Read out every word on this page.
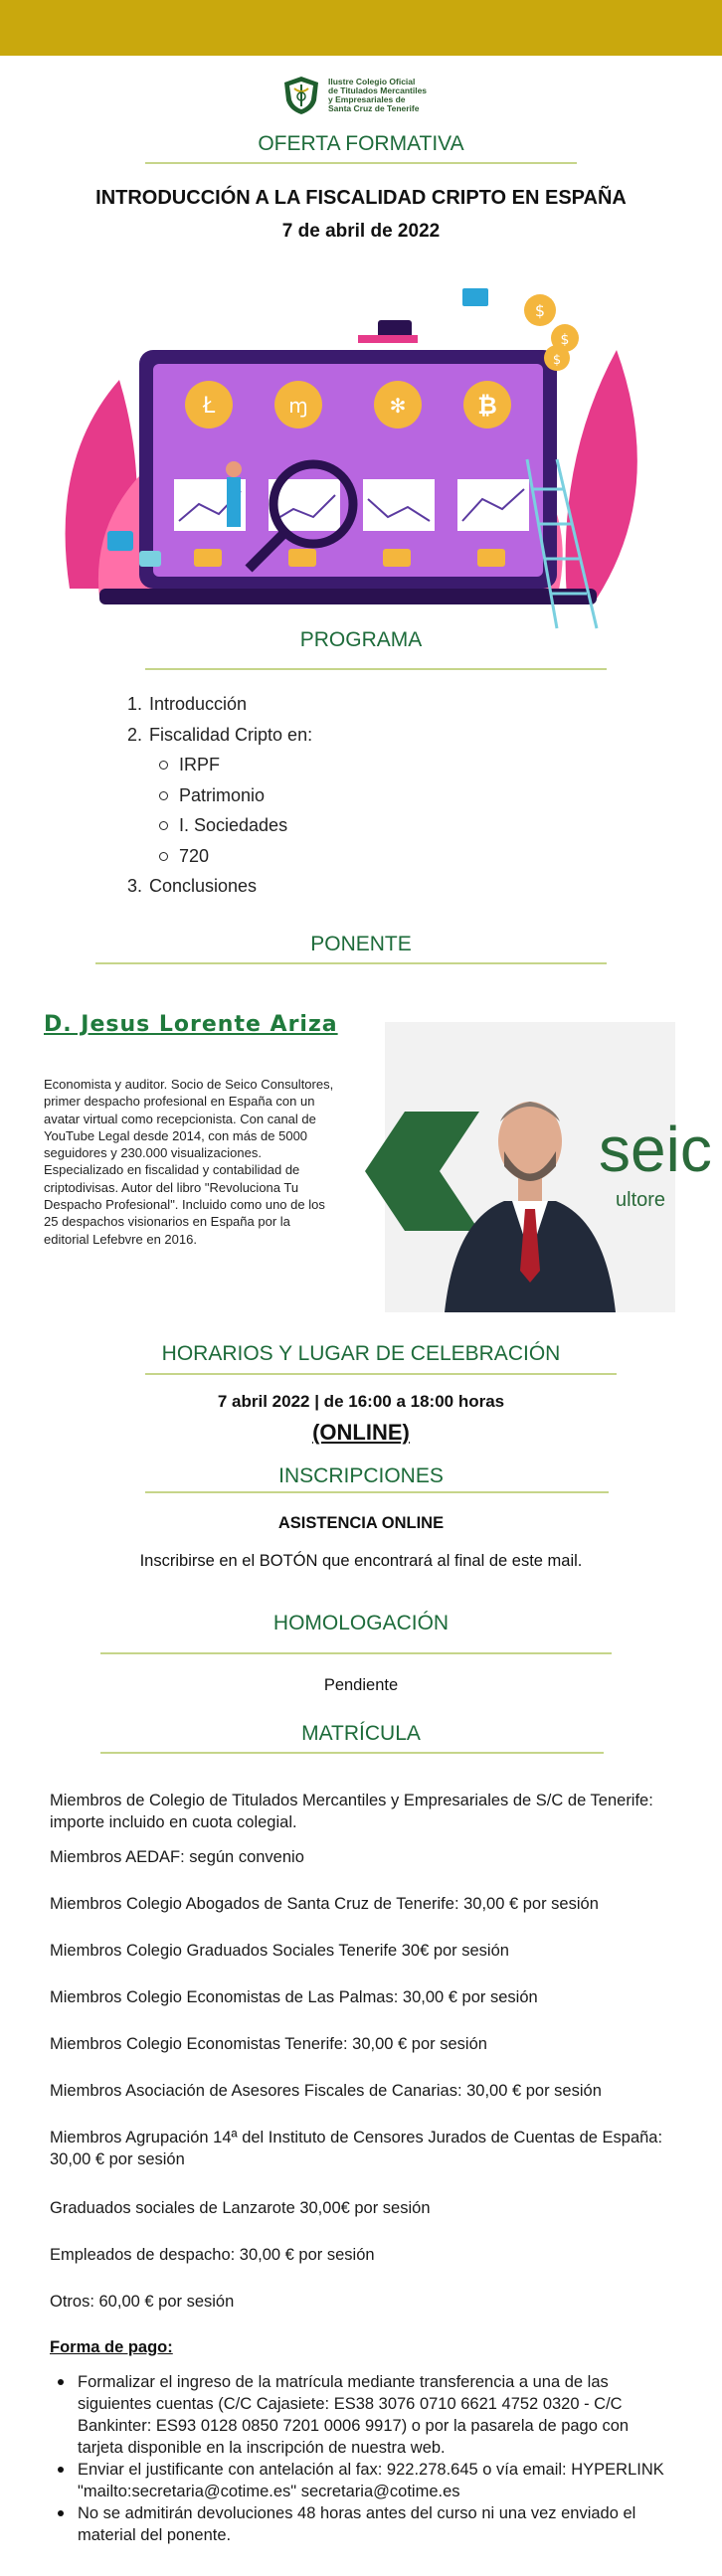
Ilustre Colegio Oficial
de Titulados Mercantiles
y Empresariales de
Santa Cruz de Tenerife
OFERTA FORMATIVA
INTRODUCCIÓN A LA FISCALIDAD CRIPTO EN ESPAÑA
7 de abril de 2022
Ł	ɱ	✻	₿
$
$
$
PROGRAMA
1. Introducción
2. Fiscalidad Cripto en:
IRPF
Patrimonio
I. Sociedades
720
3. Conclusiones
PONENTE
D. Jesus Lorente Ariza
Economista y auditor. Socio de Seico Consultores,
primer despacho profesional en España con un
avatar virtual como recepcionista. Con canal de
YouTube Legal desde 2014, con más de 5000
seguidores y 230.000 visualizaciones.
Especializado en fiscalidad y contabilidad de
criptodivisas. Autor del libro "Revoluciona Tu
Despacho Profesional". Incluido como uno de los
25 despachos visionarios en España por la
editorial Lefebvre en 2016.
seic
ultore
HORARIOS Y LUGAR DE CELEBRACIÓN
7 abril 2022 | de 16:00 a 18:00 horas
(ONLINE)
INSCRIPCIONES
ASISTENCIA ONLINE
Inscribirse en el BOTÓN que encontrará al final de este mail.
HOMOLOGACIÓN
Pendiente
MATRÍCULA
Miembros de Colegio de Titulados Mercantiles y Empresariales de S/C de Tenerife: importe incluido en cuota colegial.
Miembros AEDAF: según convenio
Miembros Colegio Abogados de Santa Cruz de Tenerife: 30,00 € por sesión
Miembros Colegio Graduados Sociales Tenerife 30€ por sesión
Miembros Colegio Economistas de Las Palmas: 30,00 € por sesión
Miembros Colegio Economistas Tenerife: 30,00 € por sesión
Miembros Asociación de Asesores Fiscales de Canarias: 30,00 € por sesión
Miembros Agrupación 14ª del Instituto de Censores Jurados de Cuentas de España: 30,00 € por sesión
Graduados sociales de Lanzarote 30,00€ por sesión
Empleados de despacho: 30,00 € por sesión
Otros: 60,00 € por sesión
Forma de pago:
Formalizar el ingreso de la matrícula mediante transferencia a una de las siguientes cuentas (C/C Cajasiete: ES38 3076 0710 6621 4752 0320 - C/C Bankinter: ES93 0128 0850 7201 0006 9917) o por la pasarela de pago con tarjeta disponible en la inscripción de nuestra web.
Enviar el justificante con antelación al fax: 922.278.645 o vía email: HYPERLINK "mailto:secretaria@cotime.es" secretaria@cotime.es
No se admitirán devoluciones 48 horas antes del curso ni una vez enviado el material del ponente.
